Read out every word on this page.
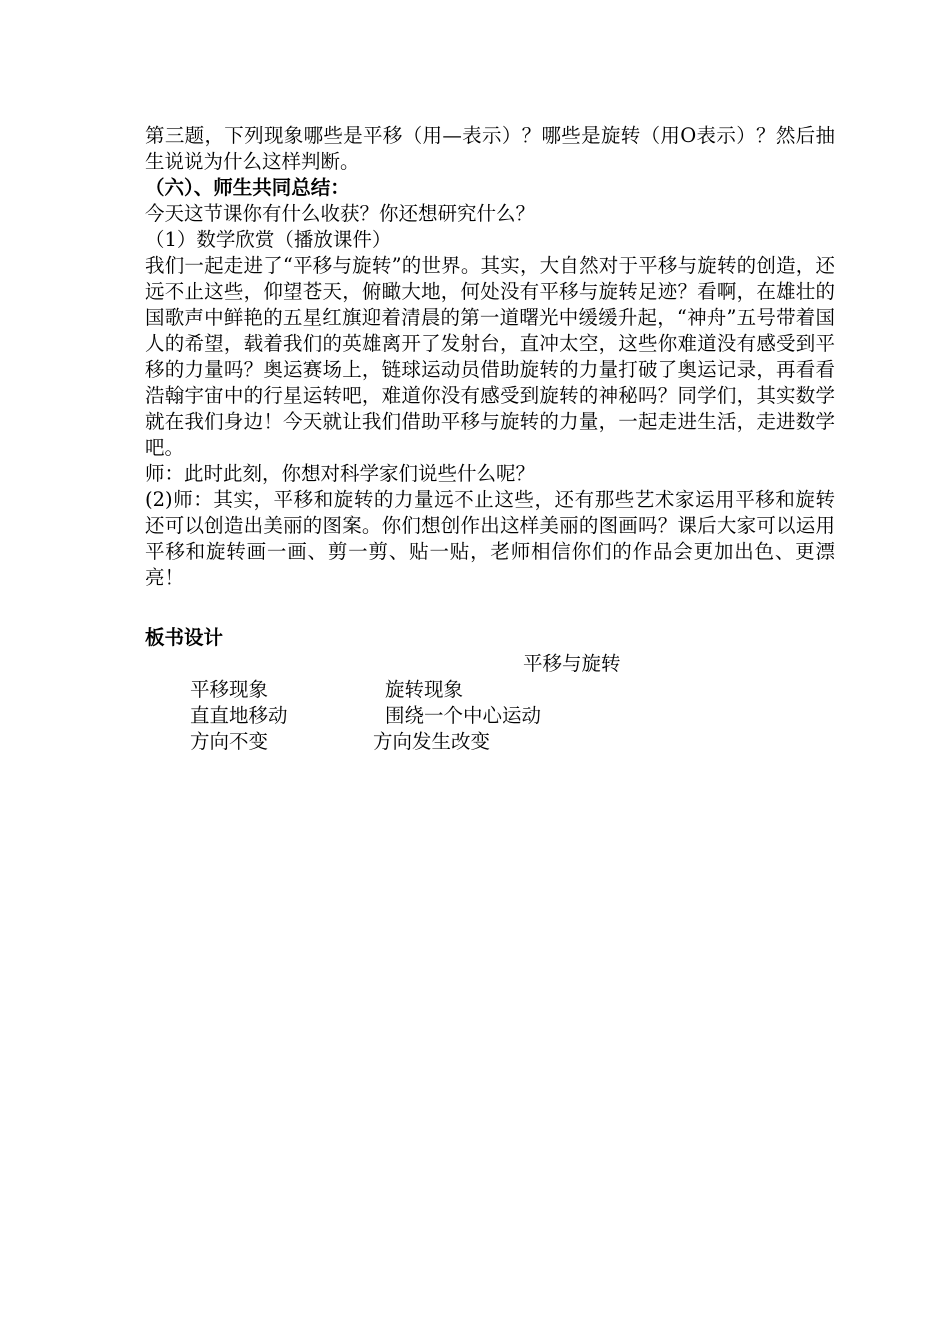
第三题，下列现象哪些是平移（用—表示）？哪些是旋转（用O表示）？然后抽生说说为什么这样判断。

（六）、师生共同总结：

今天这节课你有什么收获？你还想研究什么？

（1）数学欣赏（播放课件）

我们一起走进了“平移与旋转”的世界。其实，大自然对于平移与旋转的创造，还远不止这些，仰望苍天，俯瞰大地，何处没有平移与旋转足迹？看啊，在雄壮的国歌声中鲜艳的五星红旗迎着清晨的第一道曙光中缓缓升起，“神舟”五号带着国人的希望，载着我们的英雄离开了发射台，直冲太空，这些你难道没有感受到平移的力量吗？奥运赛场上，链球运动员借助旋转的力量打破了奥运记录，再看看浩翰宇宙中的行星运转吧，难道你没有感受到旋转的神秘吗？同学们，其实数学就在我们身边！今天就让我们借助平移与旋转的力量，一起走进生活，走进数学吧。

师：此时此刻，你想对科学家们说些什么呢？

(2)师：其实，平移和旋转的力量远不止这些，还有那些艺术家运用平移和旋转还可以创造出美丽的图案。你们想创作出这样美丽的图画吗？课后大家可以运用平移和旋转画一画、剪一剪、贴一贴，老师相信你们的作品会更加出色、更漂亮！

板书设计

平移与旋转

平移现象	旋转现象
直直地移动	围绕一个中心运动
方向不变	方向发生改变
